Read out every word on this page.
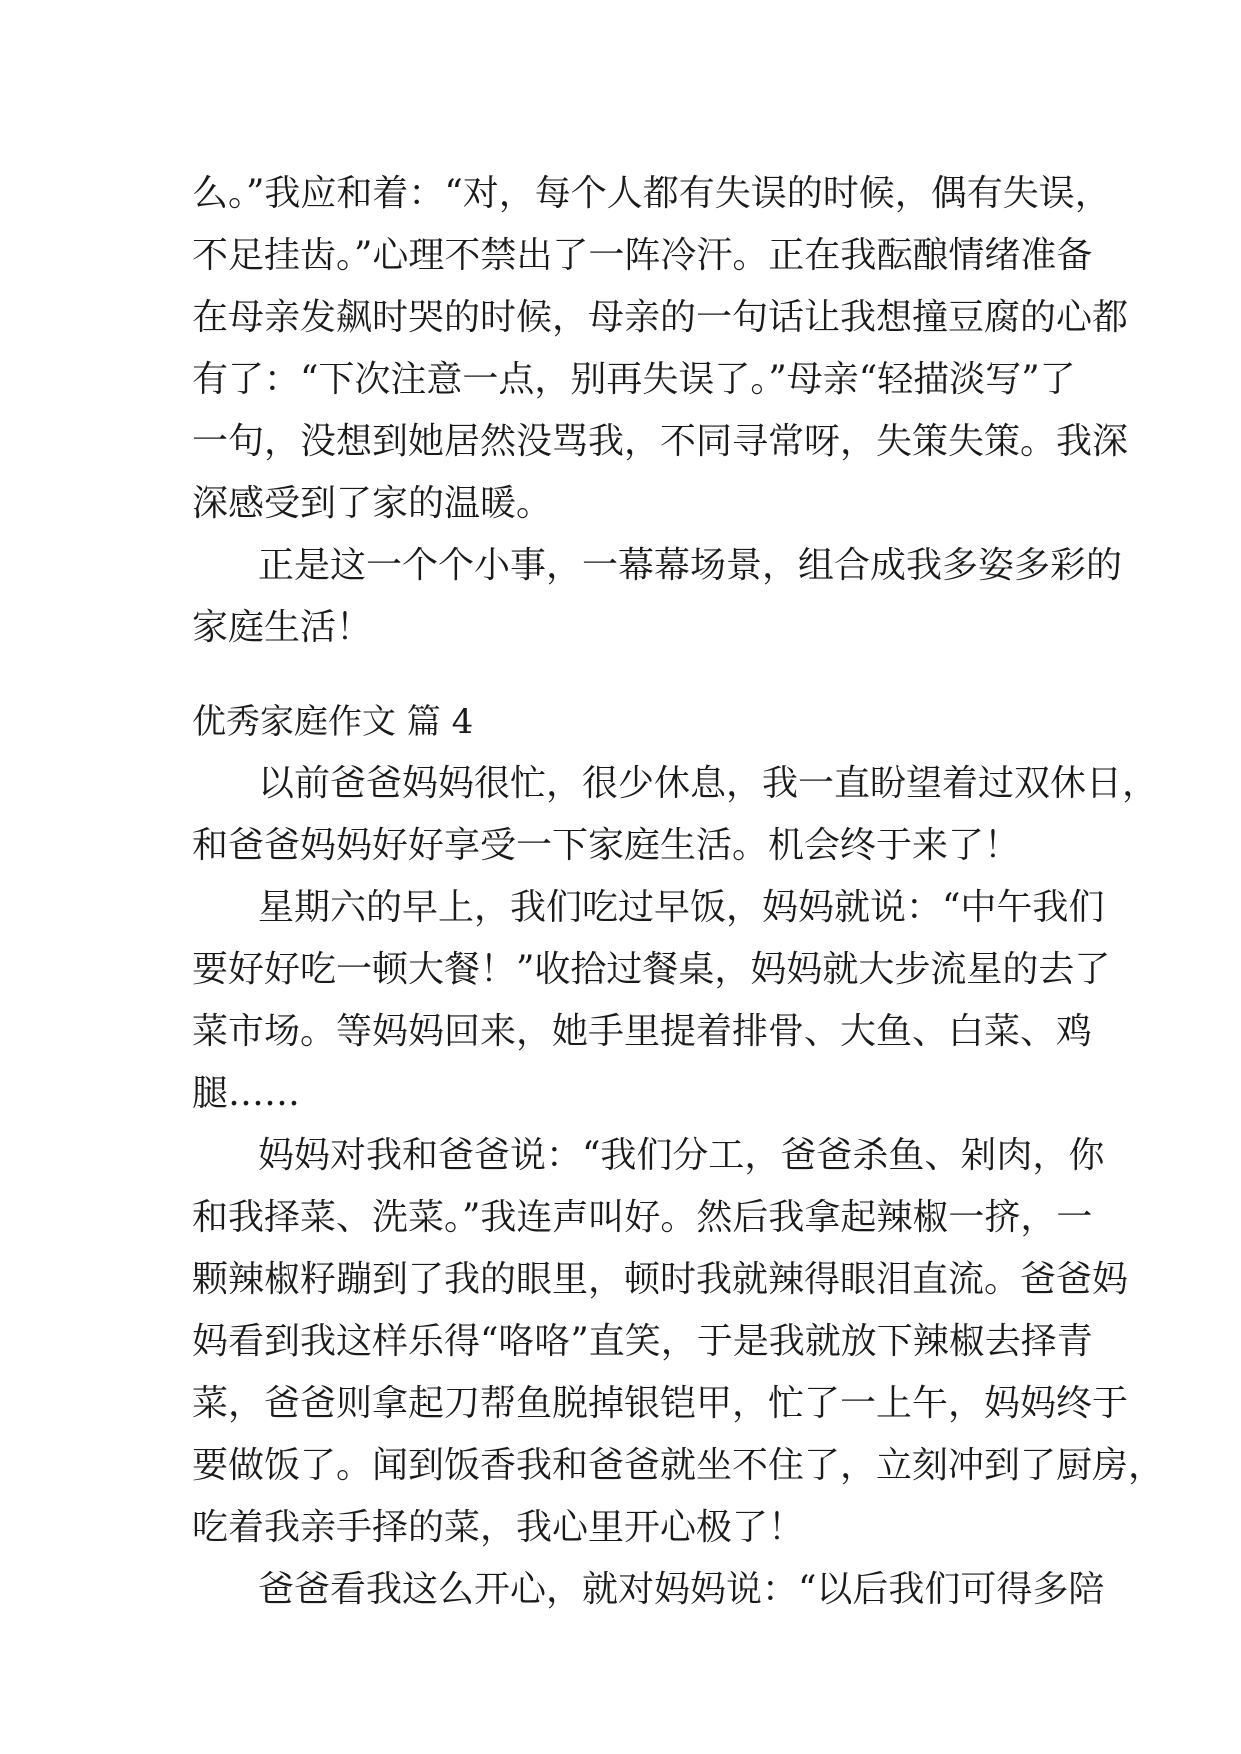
么。”我应和着：“对，每个人都有失误的时候，偶有失误，
不足挂齿。”心理不禁出了一阵冷汗。正在我酝酿情绪准备
在母亲发飙时哭的时候，母亲的一句话让我想撞豆腐的心都
有了：“下次注意一点，别再失误了。”母亲“轻描淡写”了
一句，没想到她居然没骂我，不同寻常呀，失策失策。我深
深感受到了家的温暖。
正是这一个个小事，一幕幕场景，组合成我多姿多彩的
家庭生活！
优秀家庭作文 篇 4
以前爸爸妈妈很忙，很少休息，我一直盼望着过双休日，
和爸爸妈妈好好享受一下家庭生活。机会终于来了！
星期六的早上，我们吃过早饭，妈妈就说：“中午我们
要好好吃一顿大餐！”收拾过餐桌，妈妈就大步流星的去了
菜市场。等妈妈回来，她手里提着排骨、大鱼、白菜、鸡
腿……
妈妈对我和爸爸说：“我们分工，爸爸杀鱼、剁肉，你
和我择菜、洗菜。”我连声叫好。然后我拿起辣椒一挤，一
颗辣椒籽蹦到了我的眼里，顿时我就辣得眼泪直流。爸爸妈
妈看到我这样乐得“咯咯”直笑，于是我就放下辣椒去择青
菜，爸爸则拿起刀帮鱼脱掉银铠甲，忙了一上午，妈妈终于
要做饭了。闻到饭香我和爸爸就坐不住了，立刻冲到了厨房，
吃着我亲手择的菜，我心里开心极了！
爸爸看我这么开心，就对妈妈说：“以后我们可得多陪
